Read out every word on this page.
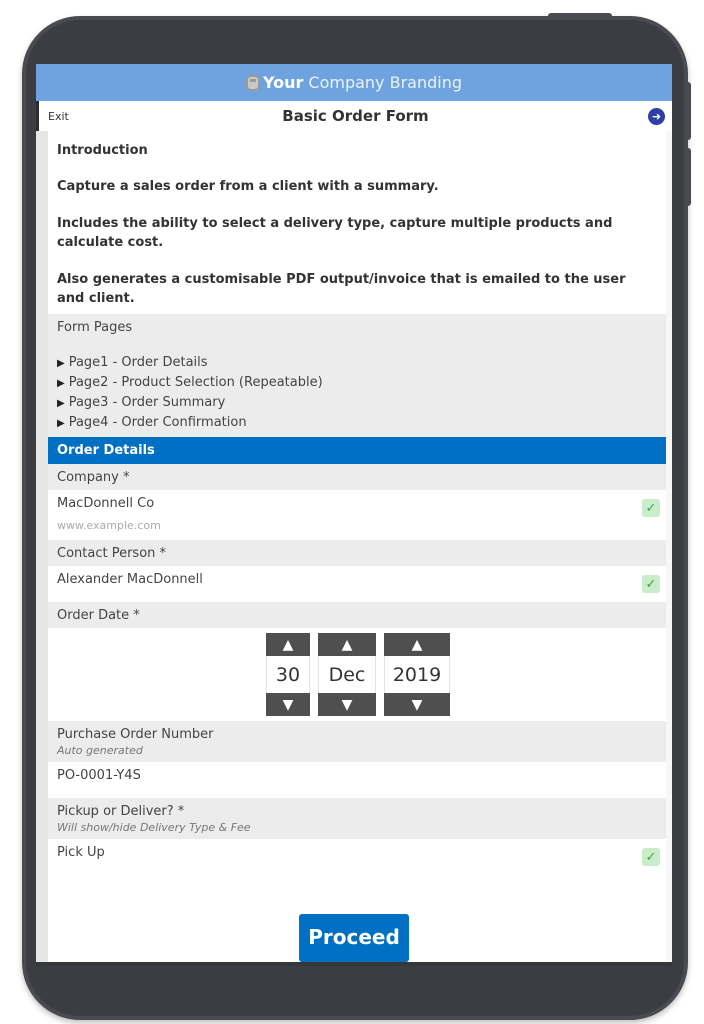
Your Company Branding
Exit	Basic Order Form	➜

Introduction

Capture a sales order from a client with a summary.

Includes the ability to select a delivery type, capture multiple products and calculate cost.

Also generates a customisable PDF output/invoice that is emailed to the user and client.

Form Pages
▶ Page1 - Order Details
▶ Page2 - Product Selection (Repeatable)
▶ Page3 - Order Summary
▶ Page4 - Order Confirmation
Order Details
Company *
MacDonnell Co
www.example.com
✓
Contact Person *
Alexander MacDonnell	✓
Order Date *
▲
30
▼
▲
Dec
▼
▲
2019
▼
Purchase Order Number
Auto generated
PO-0001-Y4S
Pickup or Deliver? *
Will show/hide Delivery Type & Fee
Pick Up	✓
Proceed
